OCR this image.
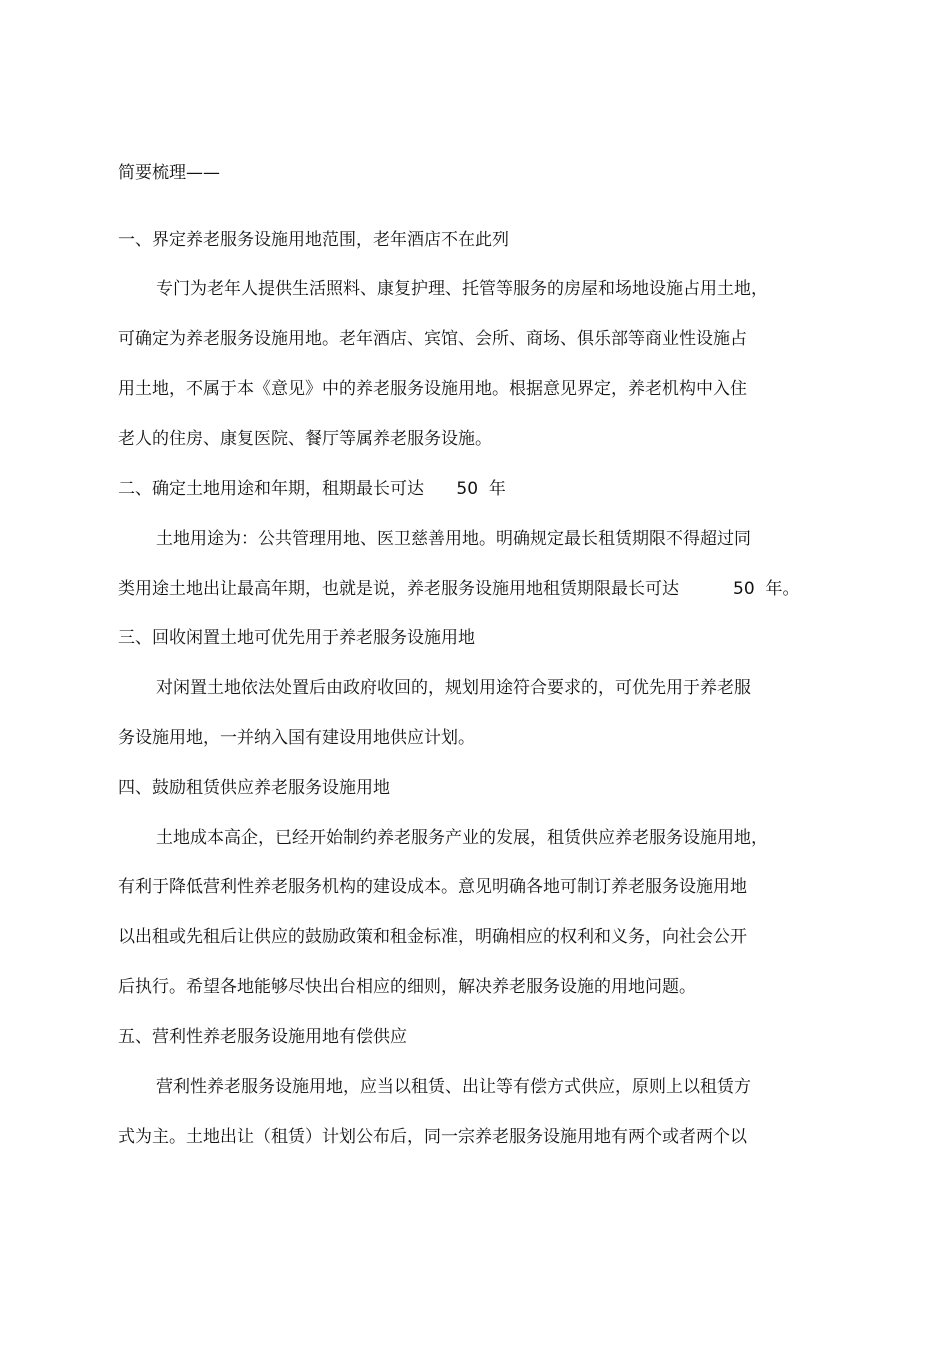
简要梳理——
一、界定养老服务设施用地范围，老年酒店不在此列
专门为老年人提供生活照料、康复护理、托管等服务的房屋和场地设施占用土地，
可确定为养老服务设施用地。老年酒店、宾馆、会所、商场、俱乐部等商业性设施占
用土地，不属于本《意见》中的养老服务设施用地。根据意见界定，养老机构中入住
老人的住房、康复医院、餐厅等属养老服务设施。
二、确定土地用途和年期，租期最长可达      50  年
土地用途为：公共管理用地、医卫慈善用地。明确规定最长租赁期限不得超过同
类用途土地出让最高年期，也就是说，养老服务设施用地租赁期限最长可达          50  年。
三、回收闲置土地可优先用于养老服务设施用地
对闲置土地依法处置后由政府收回的，规划用途符合要求的，可优先用于养老服
务设施用地，一并纳入国有建设用地供应计划。
四、鼓励租赁供应养老服务设施用地
土地成本高企，已经开始制约养老服务产业的发展，租赁供应养老服务设施用地，
有利于降低营利性养老服务机构的建设成本。意见明确各地可制订养老服务设施用地
以出租或先租后让供应的鼓励政策和租金标准，明确相应的权利和义务，向社会公开
后执行。希望各地能够尽快出台相应的细则，解决养老服务设施的用地问题。
五、营利性养老服务设施用地有偿供应
营利性养老服务设施用地，应当以租赁、出让等有偿方式供应，原则上以租赁方
式为主。土地出让（租赁）计划公布后，同一宗养老服务设施用地有两个或者两个以
